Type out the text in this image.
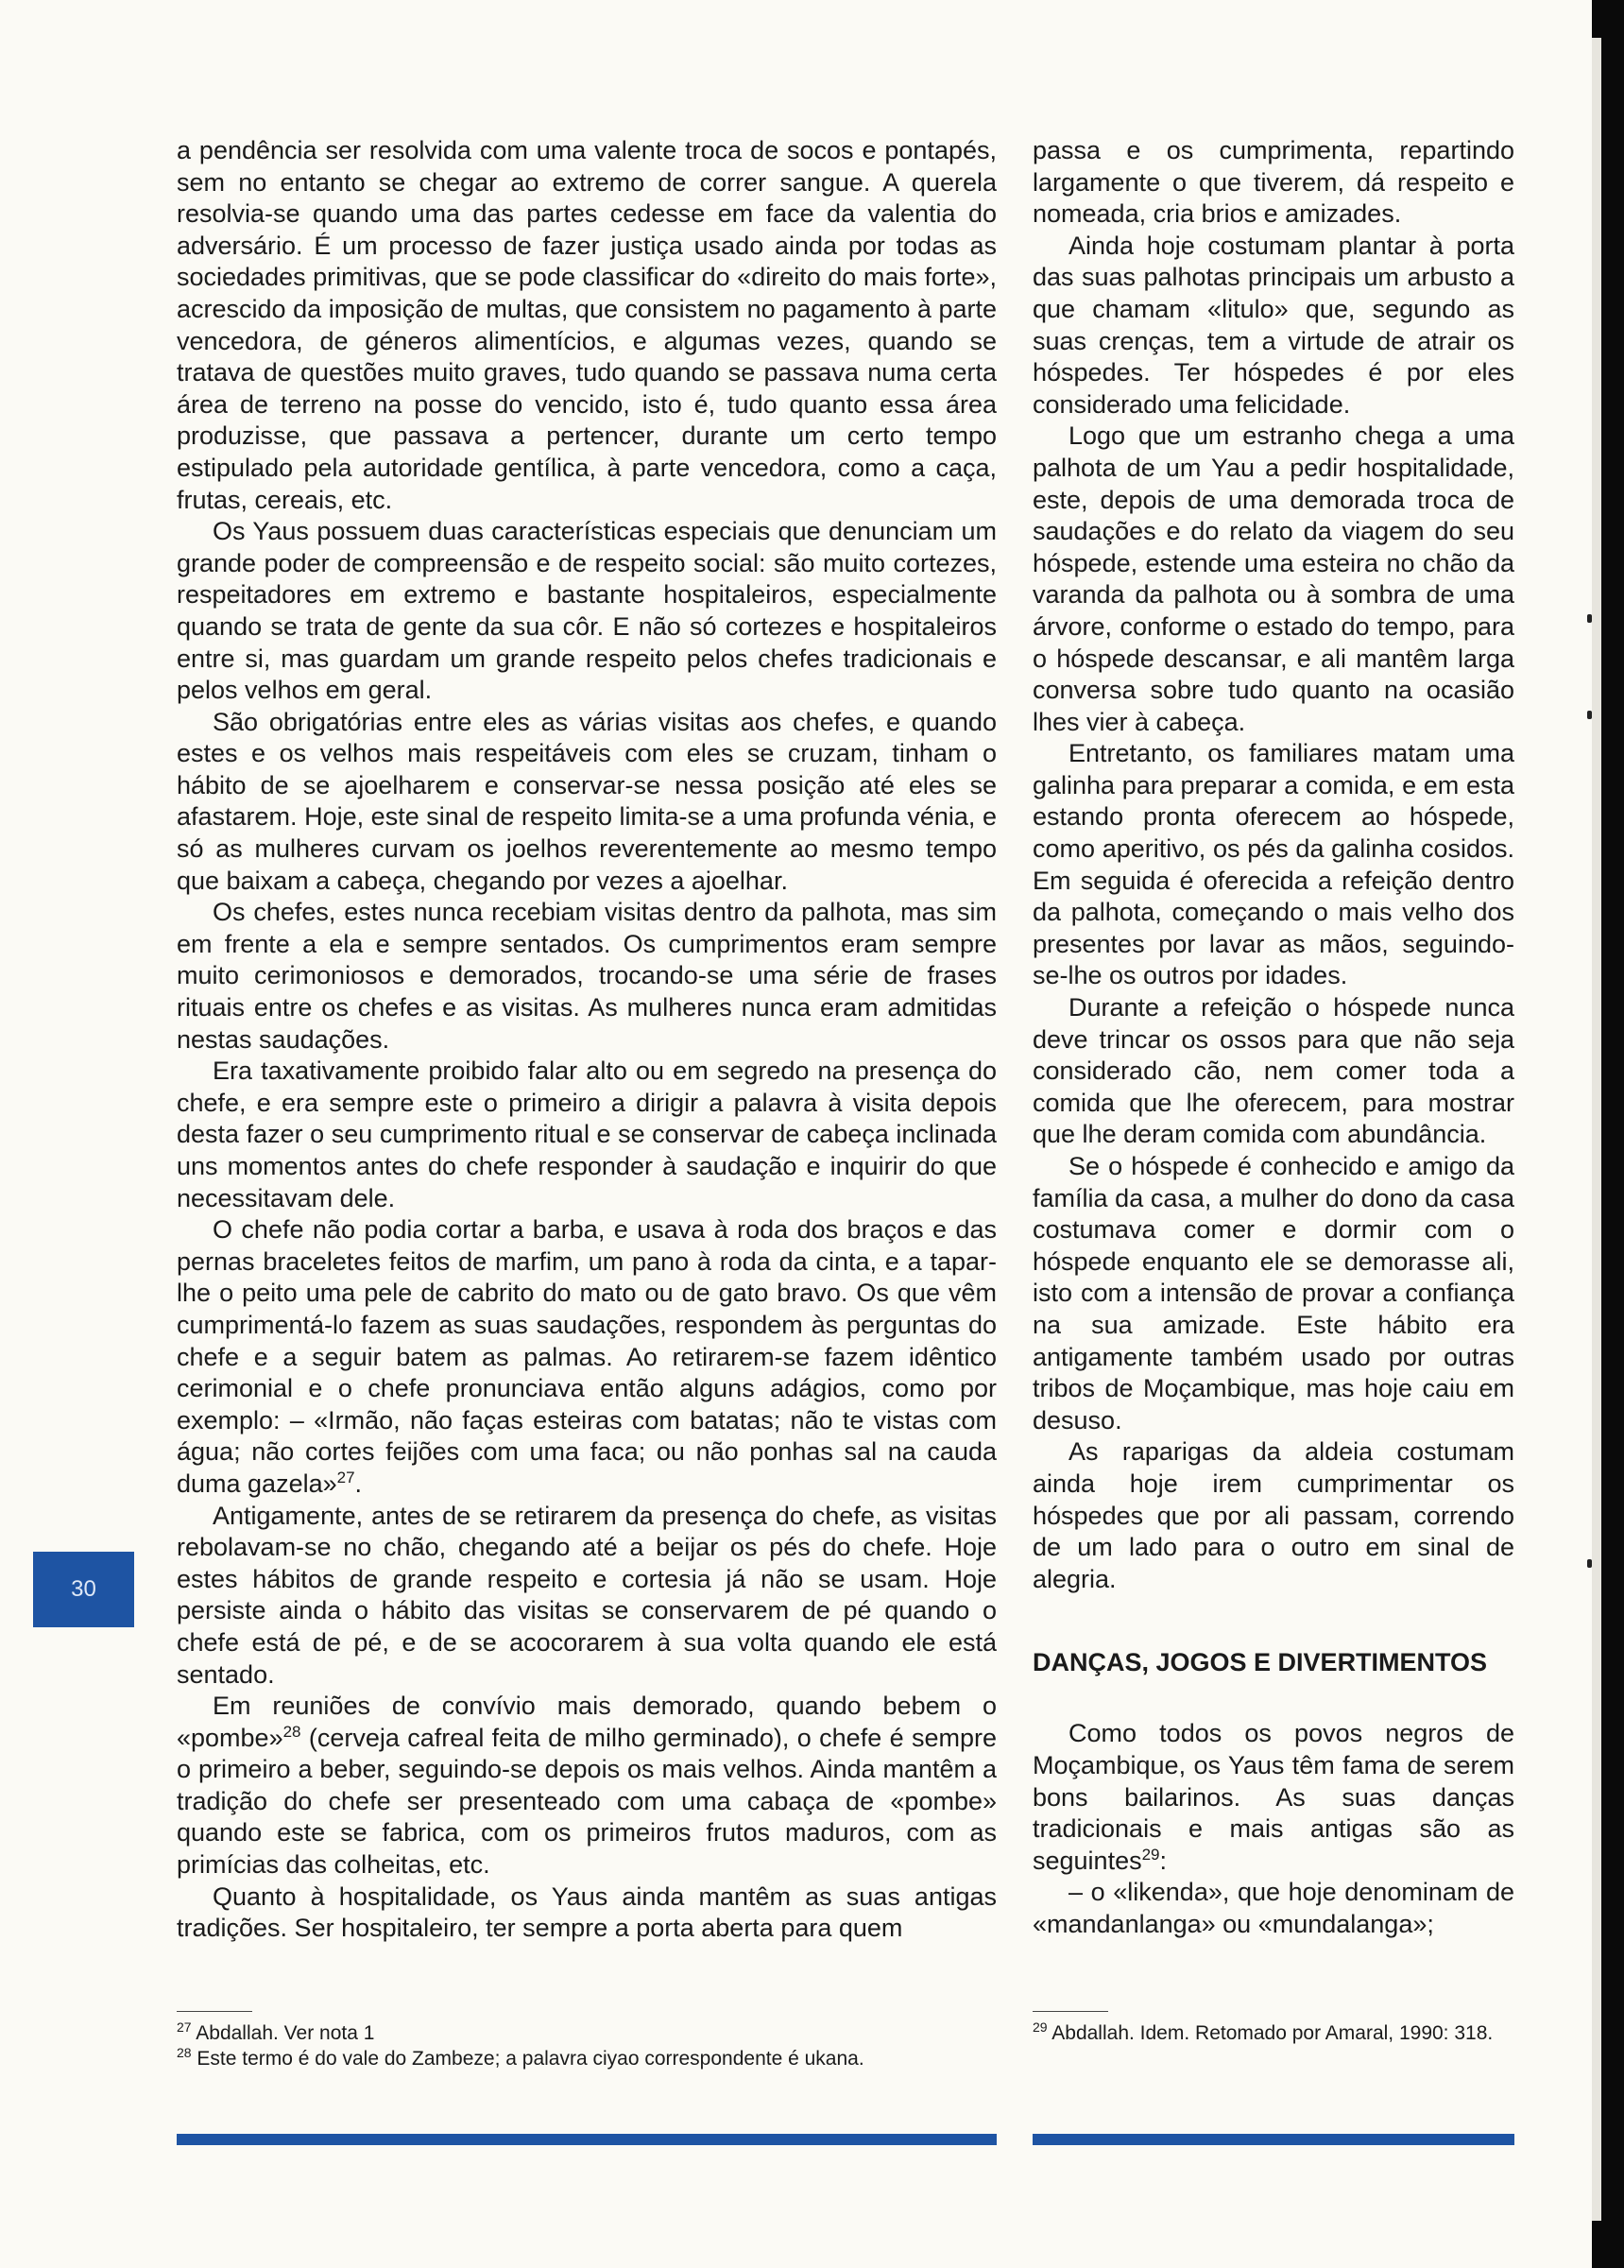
30

a pendência ser resolvida com uma valente troca de socos e pontapés, sem no entanto se chegar ao extremo de correr sangue. A querela resolvia-se quando uma das partes cedesse em face da valentia do adversário. É um processo de fazer justiça usado ainda por todas as sociedades primitivas, que se pode classificar do «direito do mais forte», acrescido da imposição de multas, que consistem no pagamento à parte vencedora, de géneros alimentícios, e algumas vezes, quando se tratava de questões muito graves, tudo quando se passava numa certa área de terreno na posse do vencido, isto é, tudo quanto essa área produzisse, que passava a pertencer, durante um certo tempo estipulado pela autoridade gentílica, à parte vencedora, como a caça, frutas, cereais, etc.

Os Yaus possuem duas características especiais que denunciam um grande poder de compreensão e de respeito social: são muito cortezes, respeitadores em extremo e bastante hospitaleiros, especialmente quando se trata de gente da sua côr. E não só cortezes e hospitaleiros entre si, mas guardam um grande respeito pelos chefes tradicionais e pelos velhos em geral.

São obrigatórias entre eles as várias visitas aos chefes, e quando estes e os velhos mais respeitáveis com eles se cruzam, tinham o hábito de se ajoelharem e conservar-se nessa posição até eles se afastarem. Hoje, este sinal de respeito limita-se a uma profunda vénia, e só as mulheres curvam os joelhos reverentemente ao mesmo tempo que baixam a cabeça, chegando por vezes a ajoelhar.

Os chefes, estes nunca recebiam visitas dentro da palhota, mas sim em frente a ela e sempre sentados. Os cumprimentos eram sempre muito cerimoniosos e demorados, trocando-se uma série de frases rituais entre os chefes e as visitas. As mulheres nunca eram admitidas nestas saudações.

Era taxativamente proibido falar alto ou em segredo na presença do chefe, e era sempre este o primeiro a dirigir a palavra à visita depois desta fazer o seu cumprimento ritual e se conservar de cabeça inclinada uns momentos antes do chefe responder à saudação e inquirir do que necessitavam dele.

O chefe não podia cortar a barba, e usava à roda dos braços e das pernas braceletes feitos de marfim, um pano à roda da cinta, e a tapar-lhe o peito uma pele de cabrito do mato ou de gato bravo. Os que vêm cumprimentá-lo fazem as suas saudações, respondem às perguntas do chefe e a seguir batem as palmas. Ao retirarem-se fazem idêntico cerimonial e o chefe pronunciava então alguns adágios, como por exemplo: – «Irmão, não faças esteiras com batatas; não te vistas com água; não cortes feijões com uma faca; ou não ponhas sal na cauda duma gazela»$^{27}$.

Antigamente, antes de se retirarem da presença do chefe, as visitas rebolavam-se no chão, chegando até a beijar os pés do chefe. Hoje estes hábitos de grande respeito e cortesia já não se usam. Hoje persiste ainda o hábito das visitas se conservarem de pé quando o chefe está de pé, e de se acocorarem à sua volta quando ele está sentado.

Em reuniões de convívio mais demorado, quando bebem o «pombe»$^{28}$ (cerveja cafreal feita de milho germinado), o chefe é sempre o primeiro a beber, seguindo-se depois os mais velhos. Ainda mantêm a tradição do chefe ser presenteado com uma cabaça de «pombe» quando este se fabrica, com os primeiros frutos maduros, com as primícias das colheitas, etc.

Quanto à hospitalidade, os Yaus ainda mantêm as suas antigas tradições. Ser hospitaleiro, ter sempre a porta aberta para quem

passa e os cumprimenta, repartindo largamente o que tiverem, dá respeito e nomeada, cria brios e amizades.

Ainda hoje costumam plantar à porta das suas palhotas principais um arbusto a que chamam «litulo» que, segundo as suas crenças, tem a virtude de atrair os hóspedes. Ter hóspedes é por eles considerado uma felicidade.

Logo que um estranho chega a uma palhota de um Yau a pedir hospitalidade, este, depois de uma demorada troca de saudações e do relato da viagem do seu hóspede, estende uma esteira no chão da varanda da palhota ou à sombra de uma árvore, conforme o estado do tempo, para o hóspede descansar, e ali mantêm larga conversa sobre tudo quanto na ocasião lhes vier à cabeça.

Entretanto, os familiares matam uma galinha para preparar a comida, e em esta estando pronta oferecem ao hóspede, como aperitivo, os pés da galinha cosidos. Em seguida é oferecida a refeição dentro da palhota, começando o mais velho dos presentes por lavar as mãos, seguindo-se-lhe os outros por idades.

Durante a refeição o hóspede nunca deve trincar os ossos para que não seja considerado cão, nem comer toda a comida que lhe oferecem, para mostrar que lhe deram comida com abundância.

Se o hóspede é conhecido e amigo da família da casa, a mulher do dono da casa costumava comer e dormir com o hóspede enquanto ele se demorasse ali, isto com a intensão de provar a confiança na sua amizade. Este hábito era antigamente também usado por outras tribos de Moçambique, mas hoje caiu em desuso.

As raparigas da aldeia costumam ainda hoje irem cumprimentar os hóspedes que por ali passam, correndo de um lado para o outro em sinal de alegria.

DANÇAS, JOGOS E DIVERTIMENTOS

Como todos os povos negros de Moçambique, os Yaus têm fama de serem bons bailarinos. As suas danças tradicionais e mais antigas são as seguintes$^{29}$:

– o «likenda», que hoje denominam de «mandanlanga» ou «mundalanga»;

$^{27}$ Abdallah. Ver nota 1
$^{28}$ Este termo é do vale do Zambeze; a palavra ciyao correspondente é ukana.
$^{29}$ Abdallah. Idem. Retomado por Amaral, 1990: 318.
